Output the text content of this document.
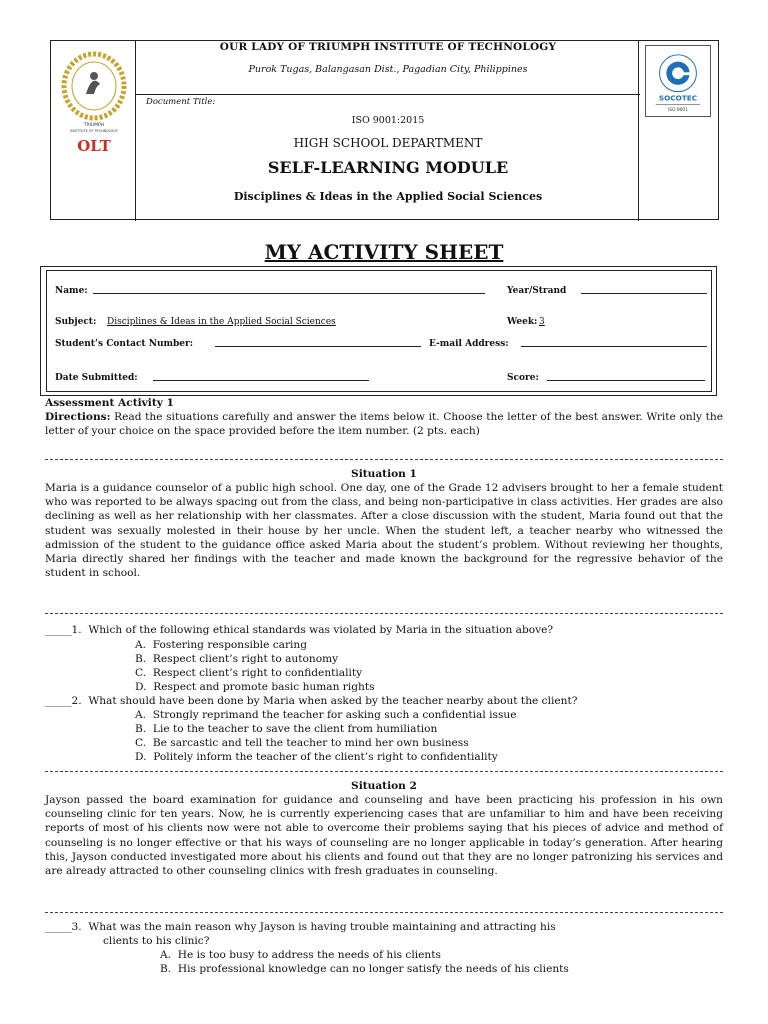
TRIUMPH
INSTITUTE OF TECHNOLOGY
OLT
OUR LADY OF TRIUMPH INSTITUTE OF TECHNOLOGY
Purok Tugas, Balangasan Dist., Pagadian City, Philippines
Document Title:
ISO 9001:2015
HIGH SCHOOL DEPARTMENT
SELF-LEARNING MODULE
Disciplines & Ideas in the Applied Social Sciences
SOCOTEC
ISO 9001
MY ACTIVITY SHEET
Name:	Year/Strand
Subject: Disciplines & Ideas in the Applied Social Sciences	Week: 3
Student’s Contact Number:	E-mail Address:
Date Submitted:	Score:
Assessment Activity 1
Directions: Read the situations carefully and answer the items below it. Choose the letter of the best answer. Write only the letter of your choice on the space provided before the item number. (2 pts. each)
Situation 1
Maria is a guidance counselor of a public high school. One day, one of the Grade 12 advisers brought to her a female student who was reported to be always spacing out from the class, and being non-participative in class activities. Her grades are also declining as well as her relationship with her classmates. After a close discussion with the student, Maria found out that the student was sexually molested in their house by her uncle. When the student left, a teacher nearby who witnessed the admission of the student to the guidance office asked Maria about the student’s problem. Without reviewing her thoughts, Maria directly shared her findings with the teacher and made known the background for the regressive behavior of the student in school.
_____1. Which of the following ethical standards was violated by Maria in the situation above?
A. Fostering responsible caring
B. Respect client’s right to autonomy
C. Respect client’s right to confidentiality
D. Respect and promote basic human rights
_____2. What should have been done by Maria when asked by the teacher nearby about the client?
A. Strongly reprimand the teacher for asking such a confidential issue
B. Lie to the teacher to save the client from humiliation
C. Be sarcastic and tell the teacher to mind her own business
D. Politely inform the teacher of the client’s right to confidentiality
Situation 2
Jayson passed the board examination for guidance and counseling and have been practicing his profession in his own counseling clinic for ten years. Now, he is currently experiencing cases that are unfamiliar to him and have been receiving reports of most of his clients now were not able to overcome their problems saying that his pieces of advice and method of counseling is no longer effective or that his ways of counseling are no longer applicable in today’s generation. After hearing this, Jayson conducted investigated more about his clients and found out that they are no longer patronizing his services and are already attracted to other counseling clinics with fresh graduates in counseling.
_____3. What was the main reason why Jayson is having trouble maintaining and attracting his
clients to his clinic?
A. He is too busy to address the needs of his clients
B. His professional knowledge can no longer satisfy the needs of his clients
